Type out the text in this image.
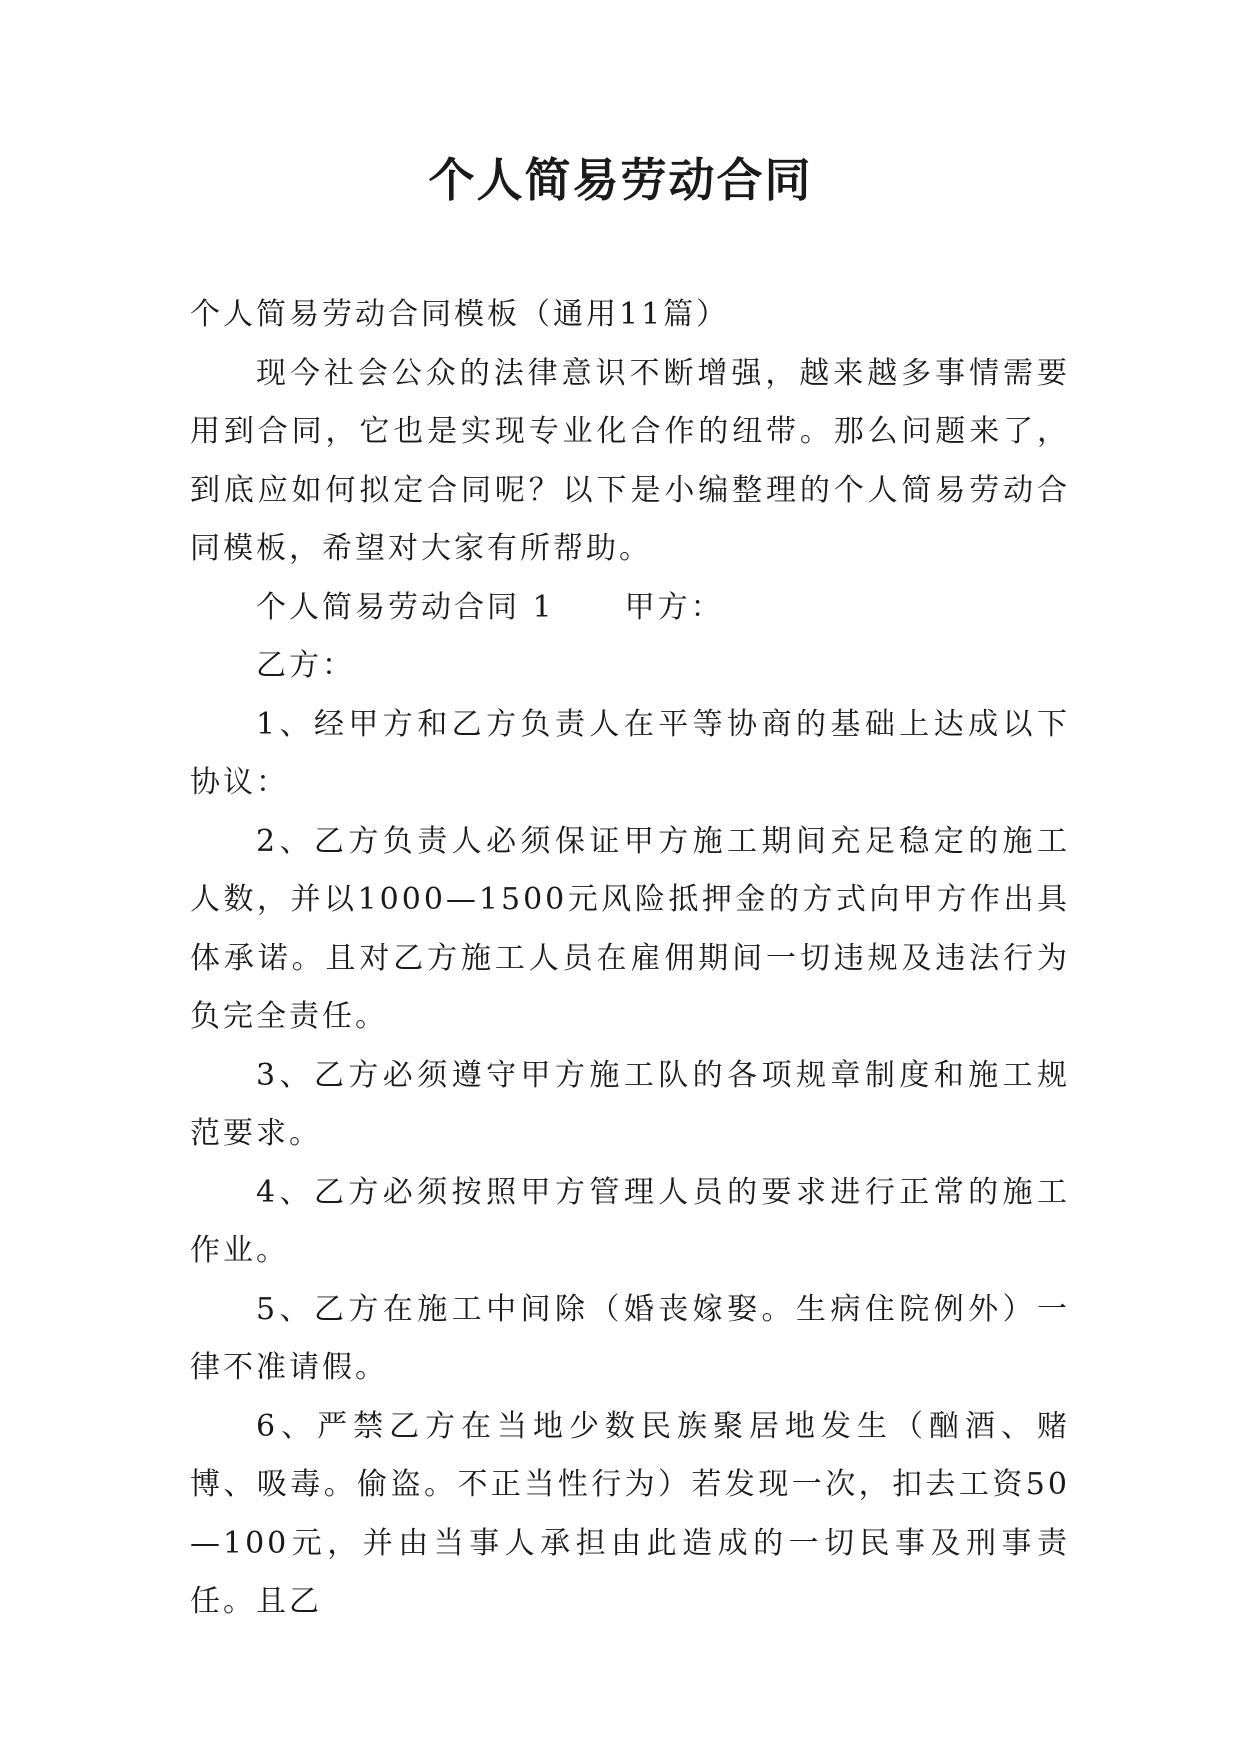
个人简易劳动合同

个人简易劳动合同模板（通用11篇）

现今社会公众的法律意识不断增强，越来越多事情需要用到合同，它也是实现专业化合作的纽带。那么问题来了，到底应如何拟定合同呢？以下是小编整理的个人简易劳动合同模板，希望对大家有所帮助。

个人简易劳动合同 1 甲方：

乙方：

1、经甲方和乙方负责人在平等协商的基础上达成以下协议：

2、乙方负责人必须保证甲方施工期间充足稳定的施工人数，并以1000—1500元风险抵押金的方式向甲方作出具体承诺。且对乙方施工人员在雇佣期间一切违规及违法行为负完全责任。

3、乙方必须遵守甲方施工队的各项规章制度和施工规范要求。

4、乙方必须按照甲方管理人员的要求进行正常的施工作业。

5、乙方在施工中间除（婚丧嫁娶。生病住院例外）一律不准请假。

6、严禁乙方在当地少数民族聚居地发生（酗酒、赌博、吸毒。偷盗。不正当性行为）若发现一次，扣去工资50—100元，并由当事人承担由此造成的一切民事及刑事责任。且乙
